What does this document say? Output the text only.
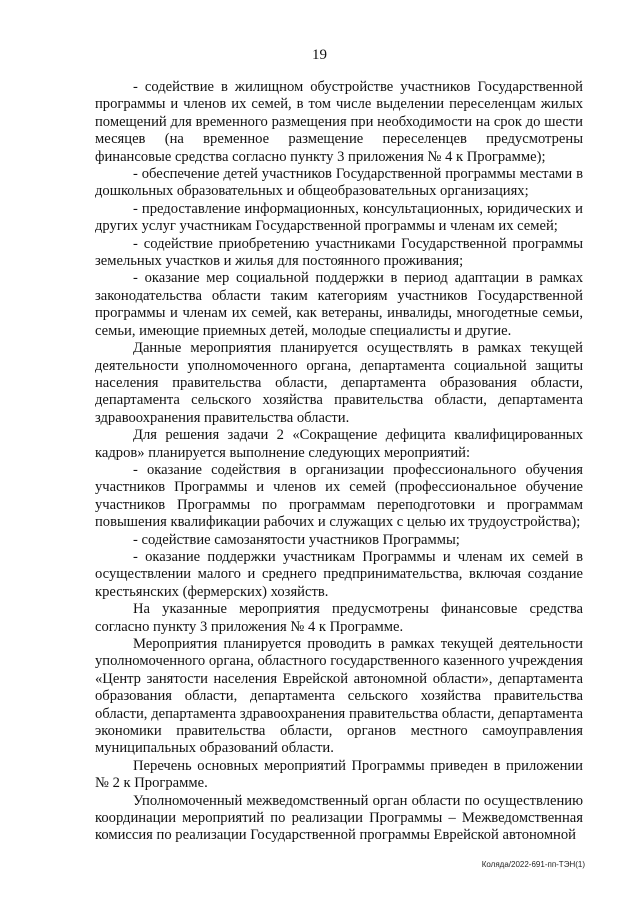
19

- содействие в жилищном обустройстве участников Государственной программы и членов их семей, в том числе выделении переселенцам жилых помещений для временного размещения при необходимости на срок до шести месяцев (на временное размещение переселенцев предусмотрены финансовые средства согласно пункту 3 приложения № 4 к Программе);

- обеспечение детей участников Государственной программы местами в дошкольных образовательных и общеобразовательных организациях;

- предоставление информационных, консультационных, юридических и других услуг участникам Государственной программы и членам их семей;

- содействие приобретению участниками Государственной программы земельных участков и жилья для постоянного проживания;

- оказание мер социальной поддержки в период адаптации в рамках законодательства области таким категориям участников Государственной программы и членам их семей, как ветераны, инвалиды, многодетные семьи, семьи, имеющие приемных детей, молодые специалисты и другие.

Данные мероприятия планируется осуществлять в рамках текущей деятельности уполномоченного органа, департамента социальной защиты населения правительства области, департамента образования области, департамента сельского хозяйства правительства области, департамента здравоохранения правительства области.

Для решения задачи 2 «Сокращение дефицита квалифицированных кадров» планируется выполнение следующих мероприятий:

- оказание содействия в организации профессионального обучения участников Программы и членов их семей (профессиональное обучение участников Программы по программам переподготовки и программам повышения квалификации рабочих и служащих с целью их трудоустройства);

- содействие самозанятости участников Программы;

- оказание поддержки участникам Программы и членам их семей в осуществлении малого и среднего предпринимательства, включая создание крестьянских (фермерских) хозяйств.

На указанные мероприятия предусмотрены финансовые средства согласно пункту 3 приложения № 4 к Программе.

Мероприятия планируется проводить в рамках текущей деятельности уполномоченного органа, областного государственного казенного учреждения «Центр занятости населения Еврейской автономной области», департамента образования области, департамента сельского хозяйства правительства области, департамента здравоохранения правительства области, департамента экономики правительства области, органов местного самоуправления муниципальных образований области.

Перечень основных мероприятий Программы приведен в приложении № 2 к Программе.

Уполномоченный межведомственный орган области по осуществлению координации мероприятий по реализации Программы – Межведомственная комиссия по реализации Государственной программы Еврейской автономной

Коляда/2022-691-пп-ТЭН(1)
